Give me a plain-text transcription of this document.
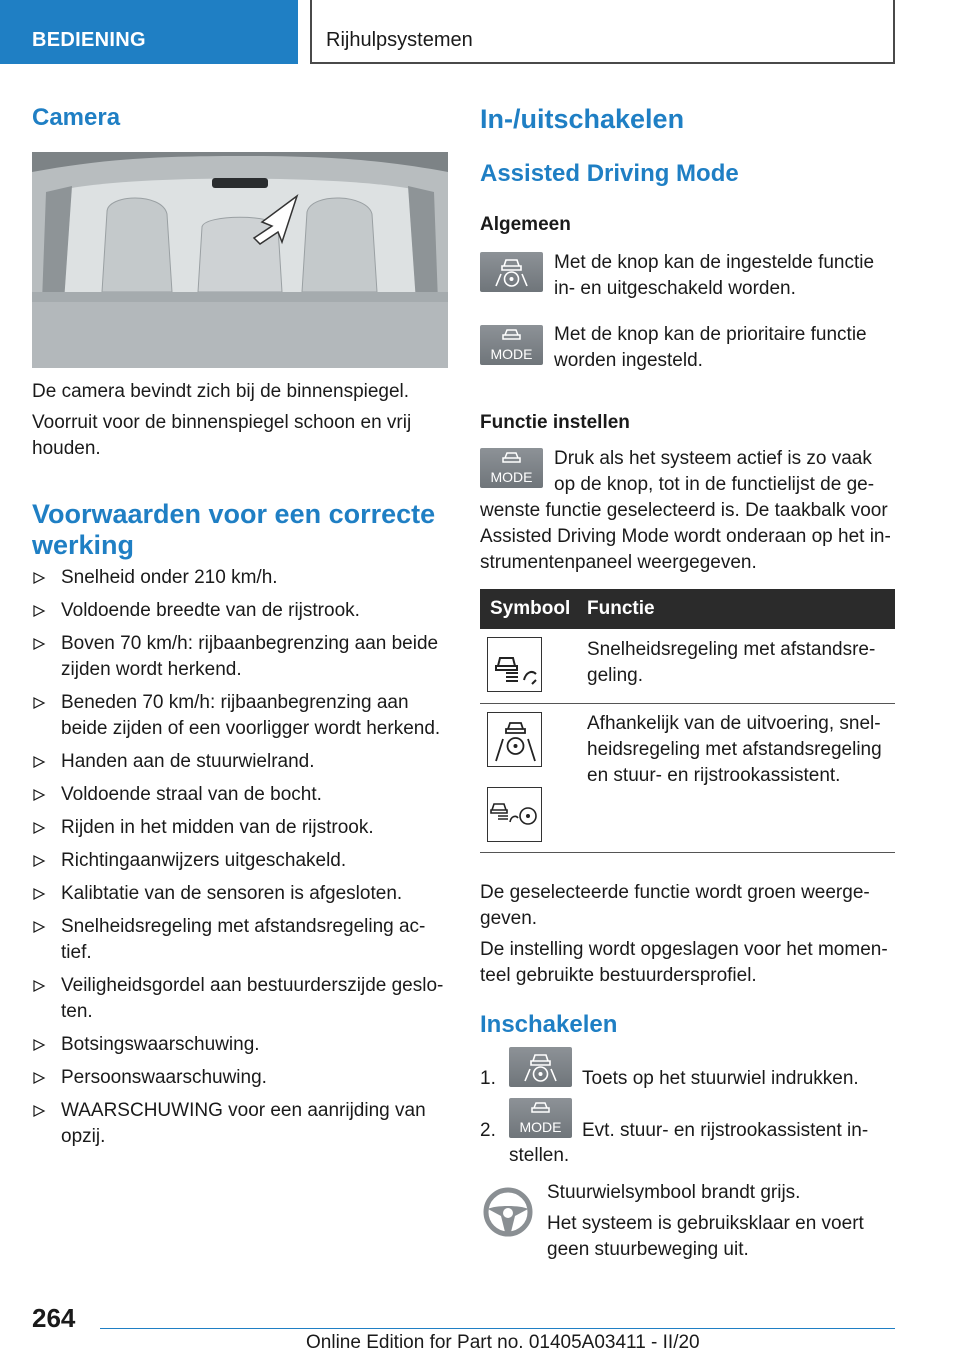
BEDIENING	Rijhulpsystemen
Camera

De camera bevindt zich bij de binnenspiegel.

Voorruit voor de binnenspiegel schoon en vrij houden.

Voorwaarden voor een correcte werking
Snelheid onder 210 km/h.
Voldoende breedte van de rijstrook.
Boven 70 km/h: rijbaanbegrenzing aan beide zijden wordt herkend.
Beneden 70 km/h: rijbaanbegrenzing aan beide zijden of een voorligger wordt herkend.
Handen aan de stuurwielrand.
Voldoende straal van de bocht.
Rijden in het midden van de rijstrook.
Richtingaanwijzers uitgeschakeld.
Kalibtatie van de sensoren is afgesloten.
Snelheidsregeling met afstandsregeling ac-tief.
Veiligheidsgordel aan bestuurderszijde geslo-ten.
Botsingswaarschuwing.
Persoonswaarschuwing.
WAARSCHUWING voor een aanrijding van opzij.
In-/uitschakelen
Assisted Driving Mode

Algemeen

Met de knop kan de ingestelde functie in- en uitgeschakeld worden.

MODE

Met de knop kan de prioritaire functie worden ingesteld.

Functie instellen

MODE

Druk als het systeem actief is zo vaak op de knop, tot in de functielijst de ge-wenste functie geselecteerd is. De taakbalk voor Assisted Driving Mode wordt onderaan op het in-strumentenpaneel weergegeven.

Symbool Functie

Snelheidsregeling met afstandsre-geling.

Afhankelijk van de uitvoering, snel-heidsregeling met afstandsregeling en stuur- en rijstrookassistent.

De geselecteerde functie wordt groen weerge-geven.

De instelling wordt opgeslagen voor het momen-teel gebruikte bestuurdersprofiel.

Inschakelen
1.	Toets op het stuurwiel indrukken.
2.	MODE	Evt. stuur- en rijstrookassistent in-
stellen.

Stuurwielsymbool brandt grijs.

Het systeem is gebruiksklaar en voert geen stuurbeweging uit.

264
Online Edition for Part no. 01405A03411 - II/20
